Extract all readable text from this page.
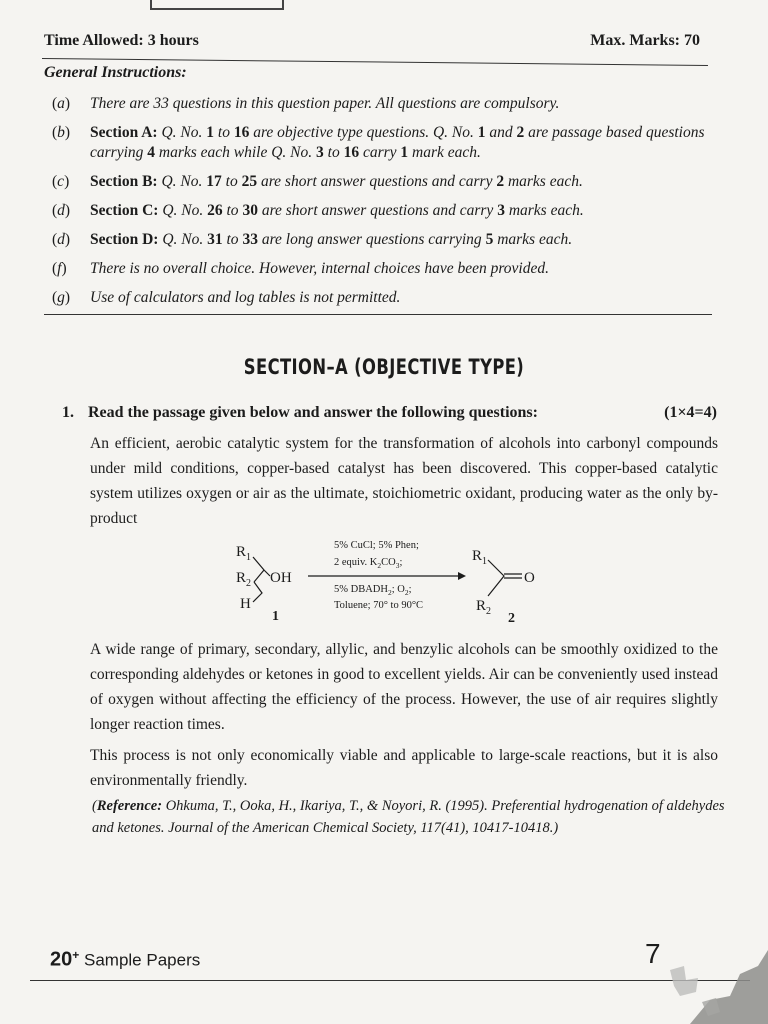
Time Allowed: 3 hours	Max. Marks: 70
General Instructions:
(a)	There are 33 questions in this question paper. All questions are compulsory.
(b)	Section A: Q. No. 1 to 16 are objective type questions. Q. No. 1 and 2 are passage based questions carrying 4 marks each while Q. No. 3 to 16 carry 1 mark each.
(c)	Section B: Q. No. 17 to 25 are short answer questions and carry 2 marks each.
(d)	Section C: Q. No. 26 to 30 are short answer questions and carry 3 marks each.
(d)	Section D: Q. No. 31 to 33 are long answer questions carrying 5 marks each.
(f)	There is no overall choice. However, internal choices have been provided.
(g)	Use of calculators and log tables is not permitted.
SECTION–A (OBJECTIVE TYPE)
1. Read the passage given below and answer the following questions:	(1×4=4)
An efficient, aerobic catalytic system for the transformation of alcohols into carbonyl compounds under mild conditions, copper-based catalyst has been discovered. This copper-based catalytic system utilizes oxygen or air as the ultimate, stoichiometric oxidant, producing water as the only by-product
$R_1$
$R_2$ OH
H
1
5% CuCl; 5% Phen;
2 equiv. $K_2CO_3$;
5% $DBADH_2$; $O_2$;
Toluene; 70° to 90°C
$R_1$
$R_2$
O
2
A wide range of primary, secondary, allylic, and benzylic alcohols can be smoothly oxidized to the corresponding aldehydes or ketones in good to excellent yields. Air can be conveniently used instead of oxygen without affecting the efficiency of the process. However, the use of air requires slightly longer reaction times.
This process is not only economically viable and applicable to large-scale reactions, but it is also environmentally friendly.
(Reference: Ohkuma, T., Ooka, H., Ikariya, T., & Noyori, R. (1995). Preferential hydrogenation of aldehydes and ketones. Journal of the American Chemical Society, 117(41), 10417-10418.)
20+ Sample Papers	7
